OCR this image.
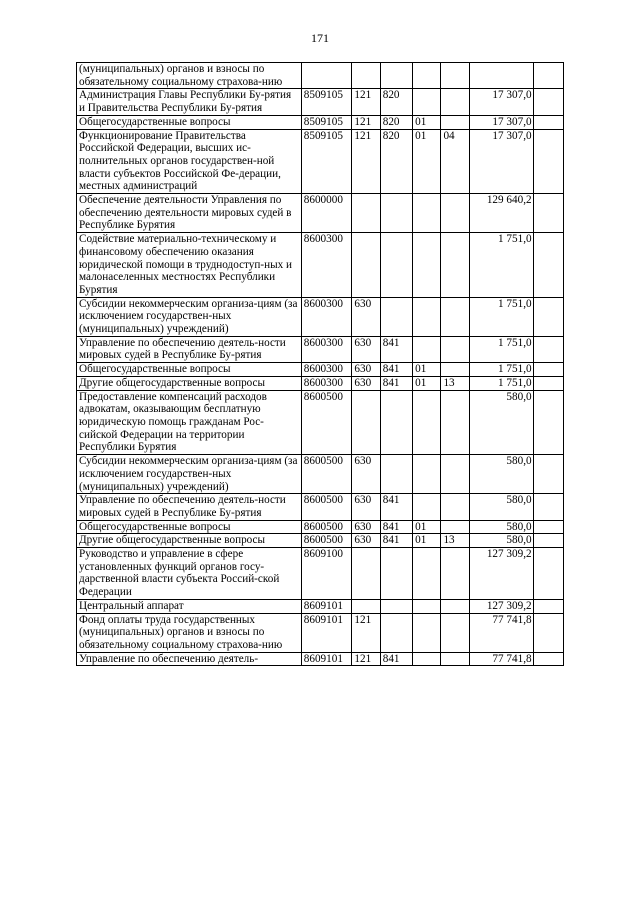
171
(муниципальных) органов и взносы по обязательному социальному страхова-нию							
Администрация Главы Республики Бу-рятия и Правительства Республики Бу-рятия	8509105	121	820			17 307,0	
Общегосударственные вопросы	8509105	121	820	01		17 307,0	
Функционирование Правительства Российской Федерации, высших ис-полнительных органов государствен-ной власти субъектов Российской Фе-дерации, местных администраций	8509105	121	820	01	04	17 307,0	
Обеспечение деятельности Управления по обеспечению деятельности мировых судей в Республике Бурятия	8600000					129 640,2	
Содействие материально-техническому и финансовому обеспечению оказания юридической помощи в труднодоступ-ных и малонаселенных местностях Республики Бурятия	8600300					1 751,0	
Субсидии некоммерческим организа-циям (за исключением государствен-ных (муниципальных) учреждений)	8600300	630				1 751,0	
Управление по обеспечению деятель-ности мировых судей в Республике Бу-рятия	8600300	630	841			1 751,0	
Общегосударственные вопросы	8600300	630	841	01		1 751,0	
Другие общегосударственные вопросы	8600300	630	841	01	13	1 751,0	
Предоставление компенсаций расходов адвокатам, оказывающим бесплатную юридическую помощь гражданам Рос-сийской Федерации на территории Республики Бурятия	8600500					580,0	
Субсидии некоммерческим организа-циям (за исключением государствен-ных (муниципальных) учреждений)	8600500	630				580,0	
Управление по обеспечению деятель-ности мировых судей в Республике Бу-рятия	8600500	630	841			580,0	
Общегосударственные вопросы	8600500	630	841	01		580,0	
Другие общегосударственные вопросы	8600500	630	841	01	13	580,0	
Руководство и управление в сфере установленных функций органов госу-дарственной власти субъекта Россий-ской Федерации	8609100					127 309,2	
Центральный аппарат	8609101					127 309,2	
Фонд оплаты труда государственных (муниципальных) органов и взносы по обязательному социальному страхова-нию	8609101	121				77 741,8	
Управление по обеспечению деятель-	8609101	121	841			77 741,8	
